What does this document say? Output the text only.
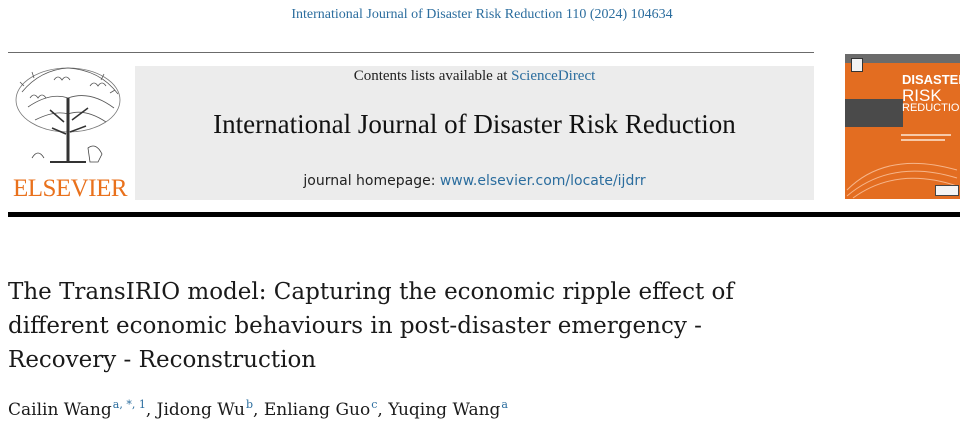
International Journal of Disaster Risk Reduction 110 (2024) 104634
ELSEVIER
Contents lists available at ScienceDirect
International Journal of Disaster Risk Reduction
journal homepage: www.elsevier.com/locate/ijdrr
DISASTER
RISK
REDUCTION
The TransIRIO model: Capturing the economic ripple effect of
different economic behaviours in post-disaster emergency -
Recovery - Reconstruction
Cailin Wang$^{a, *, 1}$, Jidong Wu$^b$, Enliang Guo$^c$, Yuqing Wang$^a$
